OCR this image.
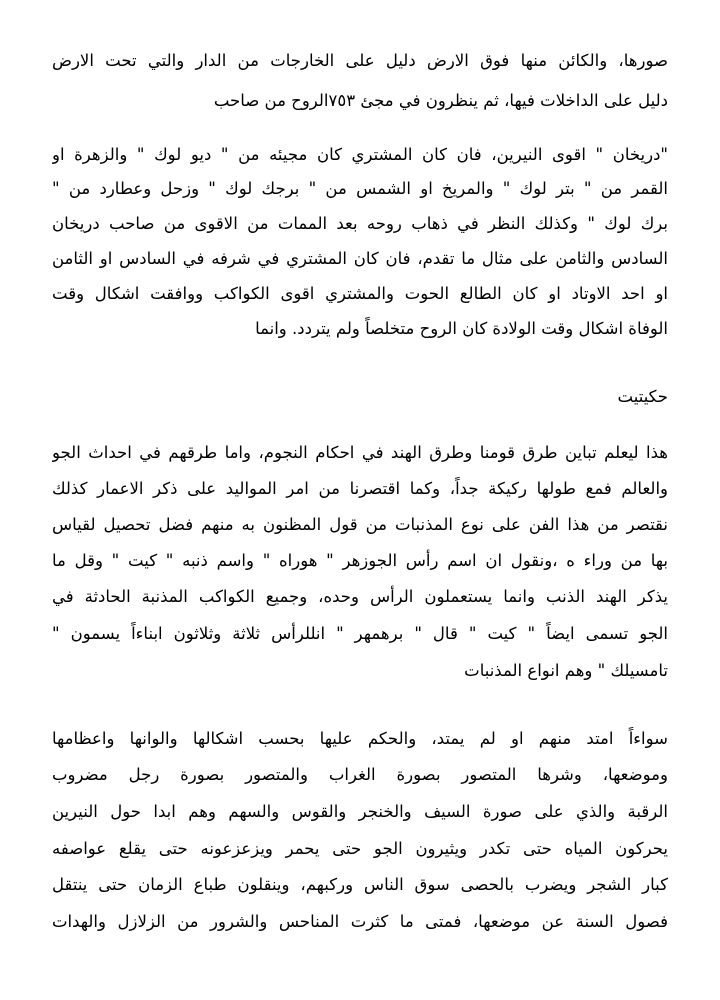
صورها، والكائن منها فوق الارض دليل على الخارجات من الدار والتي تحت الارض
دليل على الداخلات فيها، ثم ينظرون في مجئ ٧٥٣الروح من صاحب
"دريخان " اقوى النيرين، فان كان المشتري كان مجيئه من " ديو لوك " والزهرة او
القمر من " بتر لوك " والمريخ او الشمس من " برجك لوك " وزحل وعطارد من "
برك لوك " وكذلك النظر في ذهاب روحه بعد الممات من الاقوى من صاحب دريخان
السادس والثامن على مثال ما تقدم، فان كان المشتري في شرفه في السادس او الثامن
او احد الاوتاد او كان الطالع الحوت والمشتري اقوى الكواكب ووافقت اشكال وقت
الوفاة اشكال وقت الولادة كان الروح متخلصاً ولم يتردد. وانما
حكيتيت
هذا ليعلم تباين طرق قومنا وطرق الهند في احكام النجوم، واما طرقهم في احداث الجو
والعالم فمع طولها ركيكة جداً، وكما اقتصرنا من امر المواليد على ذكر الاعمار كذلك
نقتصر من هذا الفن على نوع المذنبات من قول المظنون به منهم فضل تحصيل لقياس
بها من وراء ه ،ونقول ان اسم رأس الجوزهر " هوراه " واسم ذنبه " كيت " وقل ما
يذكر الهند الذنب وانما يستعملون الرأس وحده، وجميع الكواكب المذنبة الحادثة في
الجو تسمى ايضاً " كيت " قال " برهمهر " انللرأس ثلاثة وثلاثون ابناءاً يسمون "
تامسيلك " وهم انواع المذنبات
سواءاً امتد منهم او لم يمتد، والحكم عليها بحسب اشكالها والوانها واعظامها
وموضعها، وشرها المتصور بصورة الغراب والمتصور بصورة رجل مضروب
الرقبة والذي على صورة السيف والخنجر والقوس والسهم وهم ابدا حول النيرين
يحركون المياه حتى تكدر ويثيرون الجو حتى يحمر ويزعزعونه حتى يقلع عواصفه
كبار الشجر ويضرب بالحصى سوق الناس وركبهم، وينقلون طباع الزمان حتى ينتقل
فصول السنة عن موضعها، فمتى ما كثرت المناحس والشرور من الزلازل والهدات
